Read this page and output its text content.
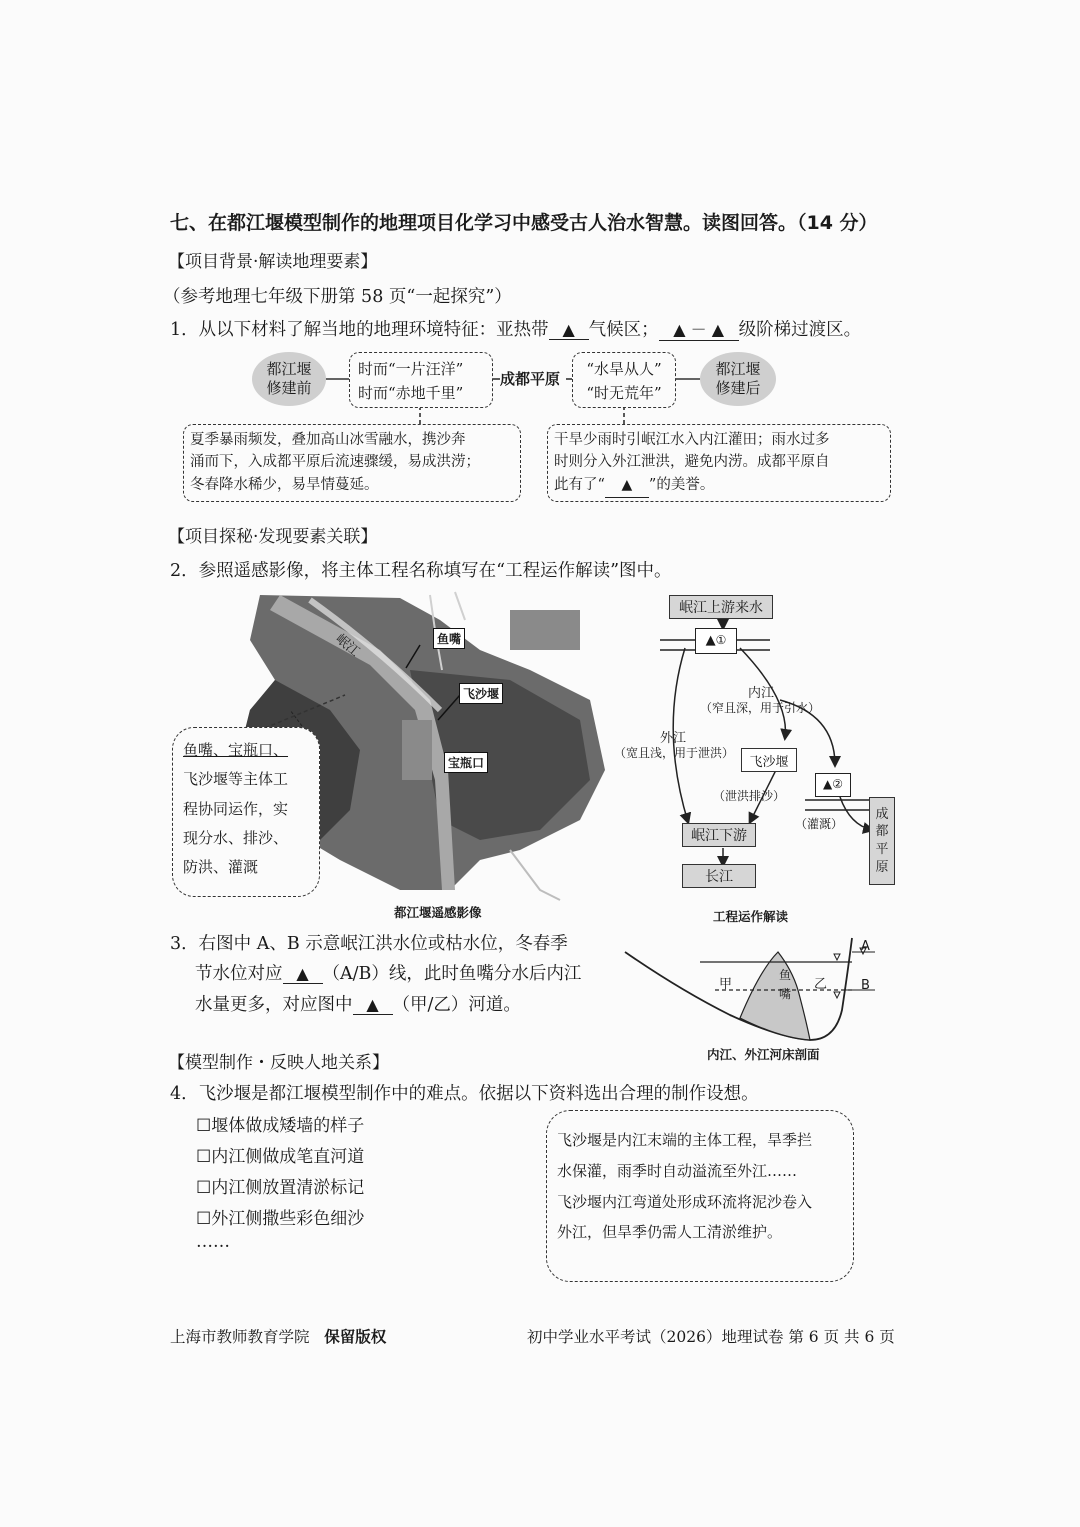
七、在都江堰模型制作的地理项目化学习中感受古人治水智慧。读图回答。（14 分）
【项目背景·解读地理要素】
（参考地理七年级下册第 58 页“一起探究”）
1．从以下材料了解当地的地理环境特征：亚热带 ▲ 气候区； ▲ － ▲ 级阶梯过渡区。
都江堰
修建前
时而“一片汪洋”
时而“赤地千里”
成都平原
“水旱从人”
“时无荒年”
都江堰
修建后
夏季暴雨频发，叠加高山冰雪融水，携沙奔
涌而下，入成都平原后流速骤缓，易成洪涝；
冬春降水稀少，易旱情蔓延。
干旱少雨时引岷江水入内江灌田；雨水过多
时则分入外江泄洪，避免内涝。成都平原自
此有了“ ▲ ”的美誉。
【项目探秘·发现要素关联】
2．参照遥感影像，将主体工程名称填写在“工程运作解读”图中。
岷江	鱼嘴
飞沙堰
宝瓶口
鱼嘴、宝瓶口、
飞沙堰等主体工
程协同运作，实
现分水、排沙、
防洪、灌溉
都江堰遥感影像
岷江上游来水
▲①
内江
（窄且深，用于引水）
外江
（宽且浅，用于泄洪）
飞沙堰
▲②
（泄洪排沙）
（灌溉）
岷江下游
长江
成
都
平
原
工程运作解读
3．右图中 A、B 示意岷江洪水位或枯水位，冬春季
节水位对应 ▲ （A/B）线，此时鱼嘴分水后内江
水量更多，对应图中 ▲ （甲/乙）河道。
甲	乙
鱼
嘴
A
B
内江、外江河床剖面
【模型制作・反映人地关系】
4．飞沙堰是都江堰模型制作中的难点。依据以下资料选出合理的制作设想。
☐堰体做成矮墙的样子
☐内江侧做成笔直河道
☐内江侧放置清淤标记
☐外江侧撒些彩色细沙
……
飞沙堰是内江末端的主体工程，旱季拦
水保灌，雨季时自动溢流至外江……
飞沙堰内江弯道处形成环流将泥沙卷入
外江，但旱季仍需人工清淤维护。
上海市教师教育学院 保留版权	初中学业水平考试（2026）地理试卷 第 6 页 共 6 页
